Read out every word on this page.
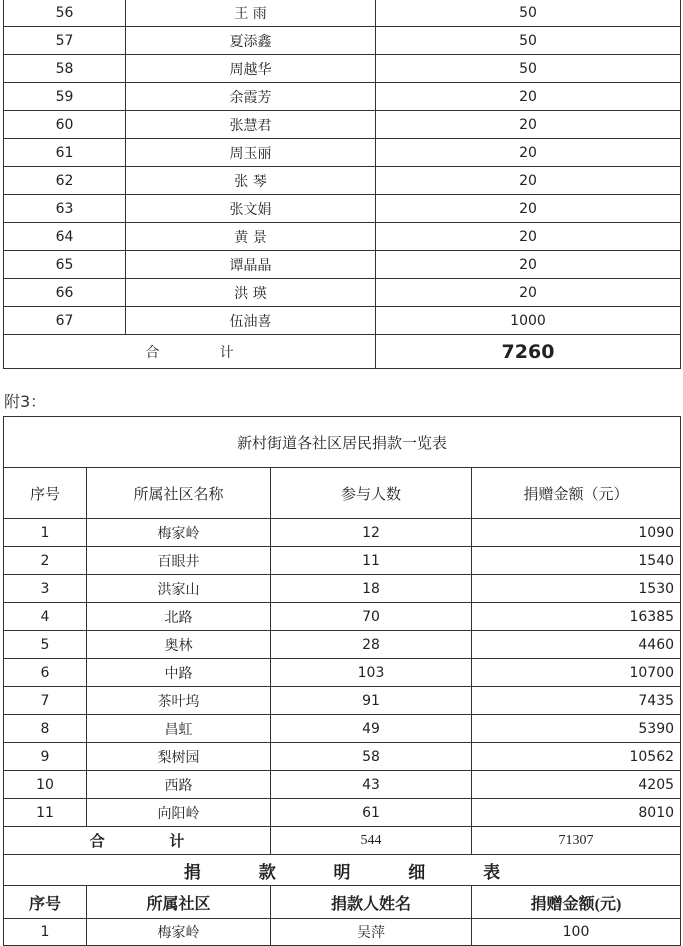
56	王 雨	50
57	夏添鑫	50
58	周越华	50
59	余霞芳	20
60	张慧君	20
61	周玉丽	20
62	张 琴	20
63	张文娟	20
64	黄 景	20
65	谭晶晶	20
66	洪 瑛	20
67	伍油喜	1000
合 计		7260
附3：
新村街道各社区居民捐款一览表			
序号	所属社区名称	参与人数	捐赠金额（元）
1	梅家岭	12	1090
2	百眼井	11	1540
3	洪家山	18	1530
4	北路	70	16385
5	奥林	28	4460
6	中路	103	10700
7	茶叶坞	91	7435
8	昌虹	49	5390
9	梨树园	58	10562
10	西路	43	4205
11	向阳岭	61	8010
合 计		544	71307
捐 款 明 细 表			
序号	所属社区	捐款人姓名	捐赠金额(元)
1	梅家岭	吴萍	100
